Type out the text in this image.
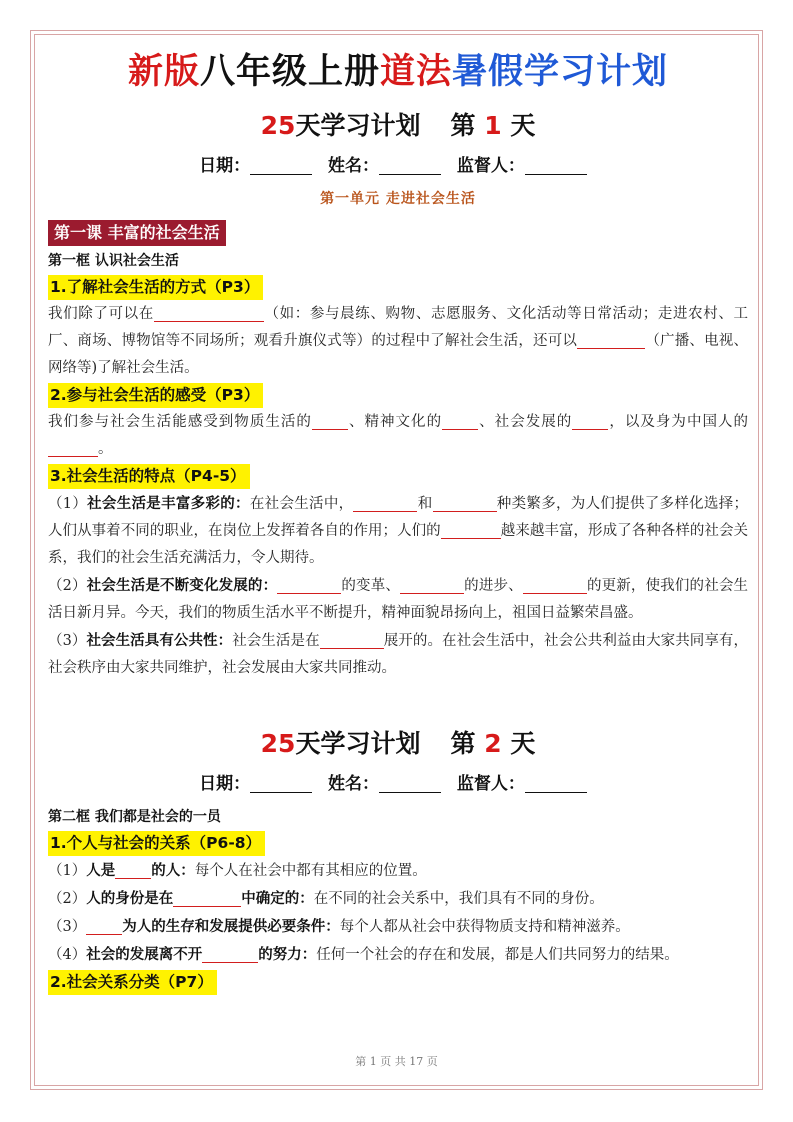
新版八年级上册道法暑假学习计划
25天学习计划 第 1 天
日期：	姓名：	监督人：
第一单元 走进社会生活
第一课 丰富的社会生活
第一框 认识社会生活
1.了解社会生活的方式（P3）

我们除了可以在	（如：参与晨练、购物、志愿服务、文化活动等日常活动；走进农村、工厂、商场、博物馆等不同场所；观看升旗仪式等）的过程中了解社会生活，还可以	（广播、电视、网络等)了解社会生活。

2.参与社会生活的感受（P3）

我们参与社会生活能感受到物质生活的 、精神文化的 、社会发展的 ，以及身为中国人的。

3.社会生活的特点（P4-5）

（1）社会生活是丰富多彩的：在社会生活中，	和	种类繁多，为人们提供了多样化选择；人们从事着不同的职业，在岗位上发挥着各自的作用；人们的	越来越丰富，形成了各种各样的社会关系，我们的社会生活充满活力，令人期待。

（2）社会生活是不断变化发展的：	的变革、	的进步、	的更新，使我们的社会生活日新月异。今天，我们的物质生活水平不断提升，精神面貌昂扬向上，祖国日益繁荣昌盛。

（3）社会生活具有公共性：社会生活是在	展开的。在社会生活中，社会公共利益由大家共同享有，社会秩序由大家共同维护，社会发展由大家共同推动。

25天学习计划 第 2 天
日期：	姓名：	监督人：
第二框 我们都是社会的一员
1.个人与社会的关系（P6-8）

（1）人是 的人：每个人在社会中都有其相应的位置。

（2）人的身份是在	中确定的：在不同的社会关系中，我们具有不同的身份。

（3） 为人的生存和发展提供必要条件：每个人都从社会中获得物质支持和精神滋养。

（4）社会的发展离不开	的努力：任何一个社会的存在和发展，都是人们共同努力的结果。

2.社会关系分类（P7）
第 1 页 共 17 页
